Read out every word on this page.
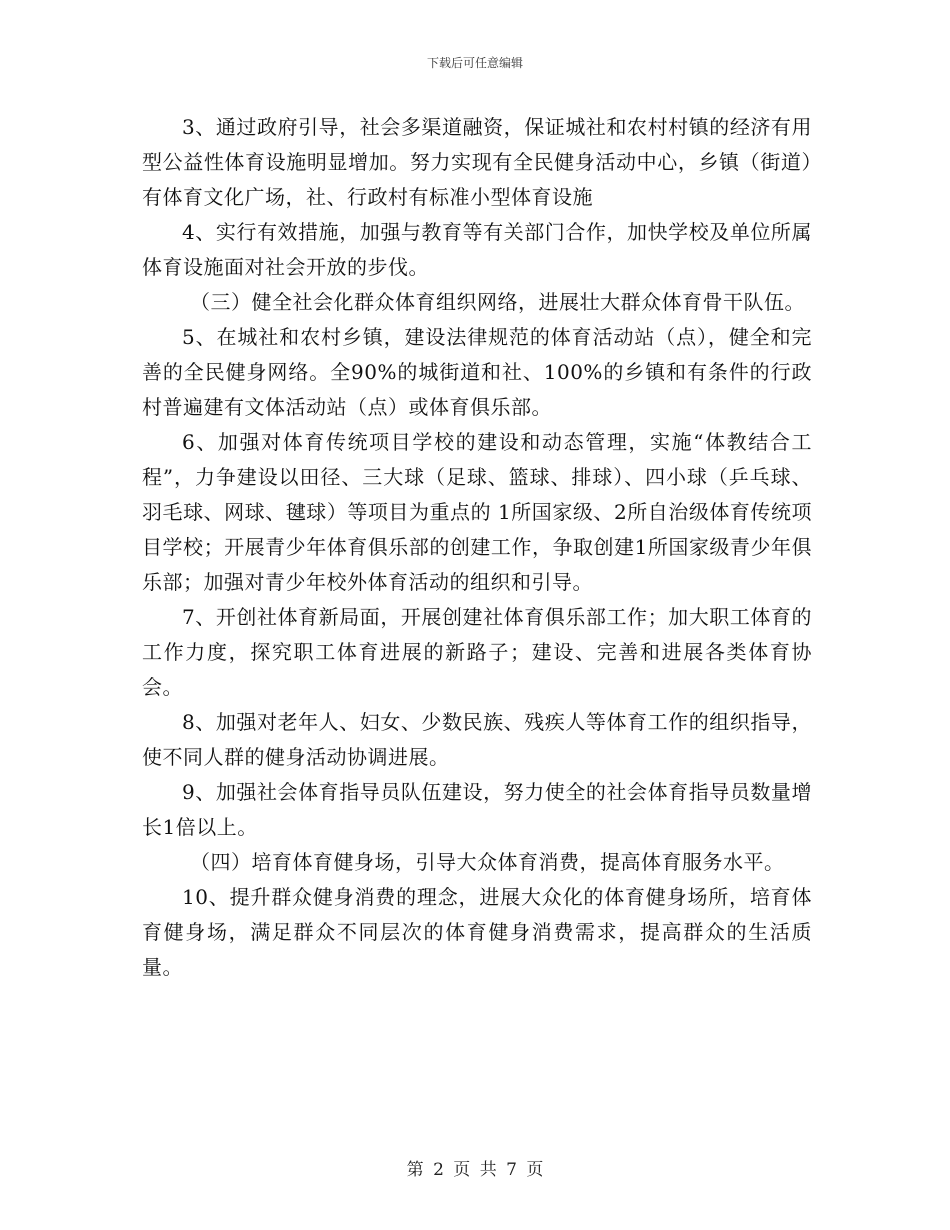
下载后可任意编辑

3、通过政府引导，社会多渠道融资，保证城社和农村村镇的经济有用型公益性体育设施明显增加。努力实现有全民健身活动中心，乡镇（街道）有体育文化广场，社、行政村有标准小型体育设施

4、实行有效措施，加强与教育等有关部门合作，加快学校及单位所属体育设施面对社会开放的步伐。

（三）健全社会化群众体育组织网络，进展壮大群众体育骨干队伍。

5、在城社和农村乡镇，建设法律规范的体育活动站（点），健全和完善的全民健身网络。全90%的城街道和社、100%的乡镇和有条件的行政村普遍建有文体活动站（点）或体育俱乐部。

6、加强对体育传统项目学校的建设和动态管理，实施“体教结合工程”，力争建设以田径、三大球（足球、篮球、排球）、四小球（乒乓球、羽毛球、网球、毽球）等项目为重点的 1所国家级、2所自治级体育传统项目学校；开展青少年体育俱乐部的创建工作，争取创建1所国家级青少年俱乐部；加强对青少年校外体育活动的组织和引导。

7、开创社体育新局面，开展创建社体育俱乐部工作；加大职工体育的工作力度，探究职工体育进展的新路子；建设、完善和进展各类体育协会。

8、加强对老年人、妇女、少数民族、残疾人等体育工作的组织指导，使不同人群的健身活动协调进展。

9、加强社会体育指导员队伍建设，努力使全的社会体育指导员数量增长1倍以上。

（四）培育体育健身场，引导大众体育消费，提高体育服务水平。

10、提升群众健身消费的理念，进展大众化的体育健身场所，培育体育健身场，满足群众不同层次的体育健身消费需求，提高群众的生活质量。

第 2 页 共 7 页
